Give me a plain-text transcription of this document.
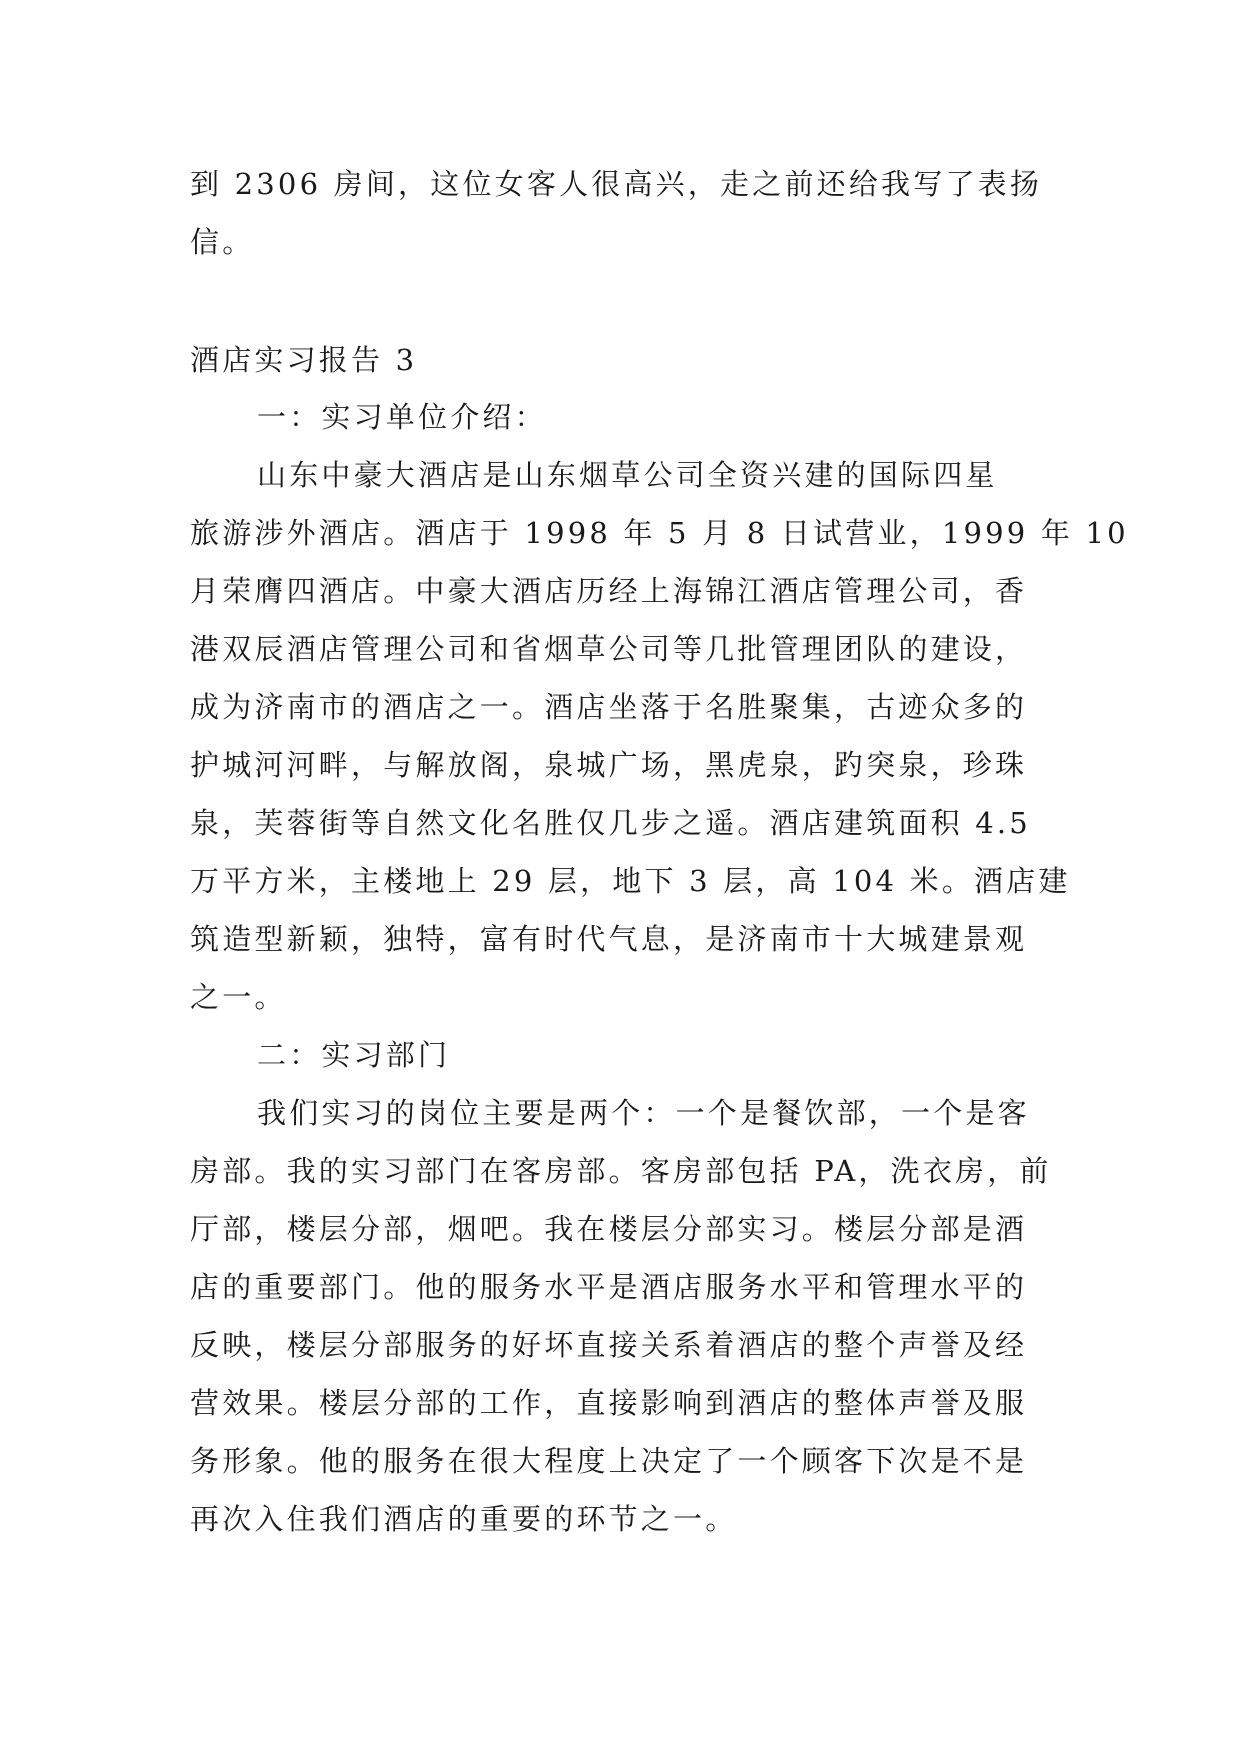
到 2306 房间，这位女客人很高兴，走之前还给我写了表扬
信。
酒店实习报告 3
一：实习单位介绍：
山东中豪大酒店是山东烟草公司全资兴建的国际四星
旅游涉外酒店。酒店于 1998 年 5 月 8 日试营业，1999 年 10
月荣膺四酒店。中豪大酒店历经上海锦江酒店管理公司，香
港双辰酒店管理公司和省烟草公司等几批管理团队的建设，
成为济南市的酒店之一。酒店坐落于名胜聚集，古迹众多的
护城河河畔，与解放阁，泉城广场，黑虎泉，趵突泉，珍珠
泉，芙蓉街等自然文化名胜仅几步之遥。酒店建筑面积 4.5
万平方米，主楼地上 29 层，地下 3 层，高 104 米。酒店建
筑造型新颖，独特，富有时代气息，是济南市十大城建景观
之一。
二：实习部门
我们实习的岗位主要是两个：一个是餐饮部，一个是客
房部。我的实习部门在客房部。客房部包括 PA，洗衣房，前
厅部，楼层分部，烟吧。我在楼层分部实习。楼层分部是酒
店的重要部门。他的服务水平是酒店服务水平和管理水平的
反映，楼层分部服务的好坏直接关系着酒店的整个声誉及经
营效果。楼层分部的工作，直接影响到酒店的整体声誉及服
务形象。他的服务在很大程度上决定了一个顾客下次是不是
再次入住我们酒店的重要的环节之一。
